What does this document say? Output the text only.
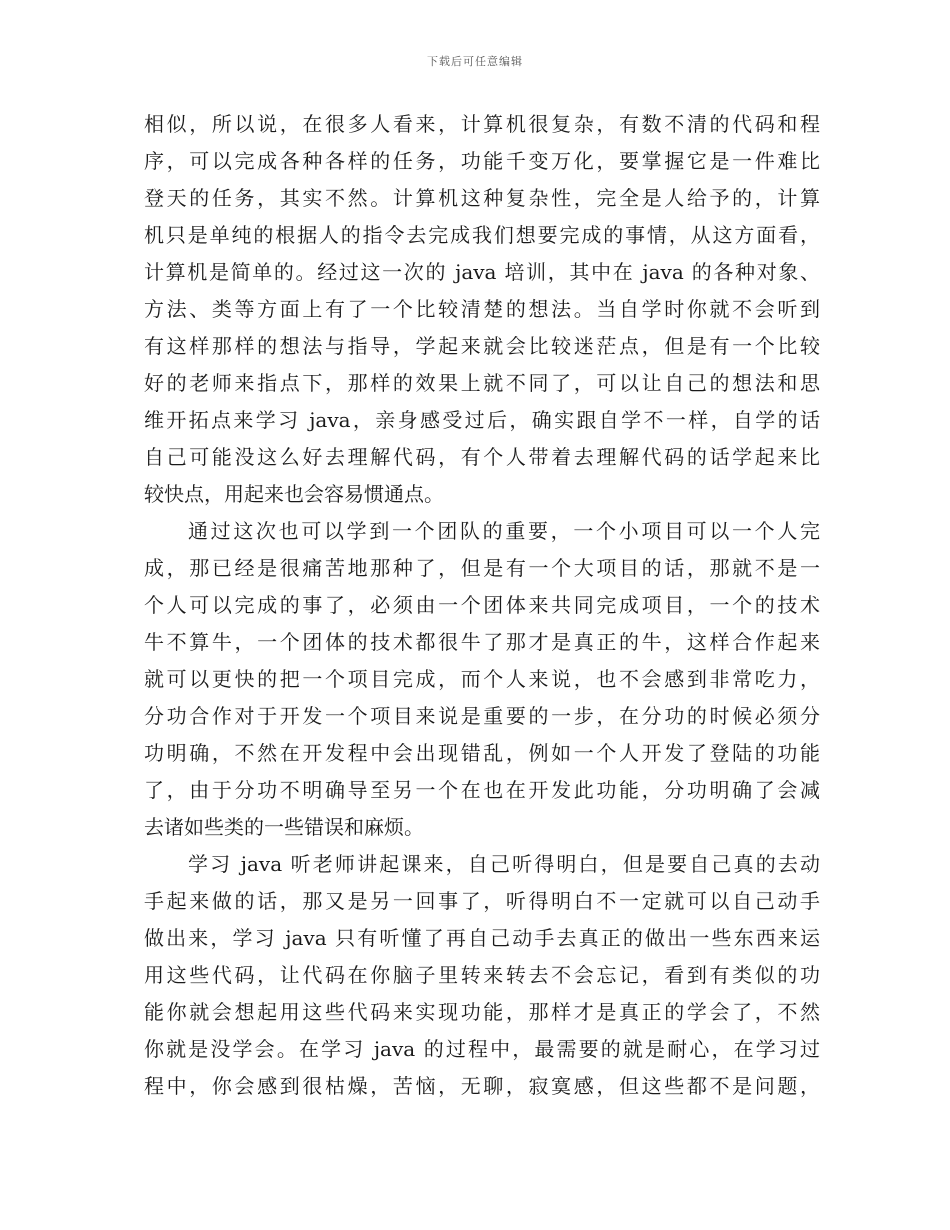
下载后可任意编辑
相似，所以说，在很多人看来，计算机很复杂，有数不清的代码和程
序，可以完成各种各样的任务，功能千变万化，要掌握它是一件难比
登天的任务，其实不然。计算机这种复杂性，完全是人给予的，计算
机只是单纯的根据人的指令去完成我们想要完成的事情，从这方面看，
计算机是简单的。经过这一次的 java 培训，其中在 java 的各种对象、
方法、类等方面上有了一个比较清楚的想法。当自学时你就不会听到
有这样那样的想法与指导，学起来就会比较迷茫点，但是有一个比较
好的老师来指点下，那样的效果上就不同了，可以让自己的想法和思
维开拓点来学习 java，亲身感受过后，确实跟自学不一样，自学的话
自己可能没这么好去理解代码，有个人带着去理解代码的话学起来比
较快点，用起来也会容易惯通点。
通过这次也可以学到一个团队的重要，一个小项目可以一个人完
成，那已经是很痛苦地那种了，但是有一个大项目的话，那就不是一
个人可以完成的事了，必须由一个团体来共同完成项目，一个的技术
牛不算牛，一个团体的技术都很牛了那才是真正的牛，这样合作起来
就可以更快的把一个项目完成，而个人来说，也不会感到非常吃力，
分功合作对于开发一个项目来说是重要的一步，在分功的时候必须分
功明确，不然在开发程中会出现错乱，例如一个人开发了登陆的功能
了，由于分功不明确导至另一个在也在开发此功能，分功明确了会减
去诸如些类的一些错误和麻烦。
学习 java 听老师讲起课来，自己听得明白，但是要自己真的去动
手起来做的话，那又是另一回事了，听得明白不一定就可以自己动手
做出来，学习 java 只有听懂了再自己动手去真正的做出一些东西来运
用这些代码，让代码在你脑子里转来转去不会忘记，看到有类似的功
能你就会想起用这些代码来实现功能，那样才是真正的学会了，不然
你就是没学会。在学习 java 的过程中，最需要的就是耐心，在学习过
程中，你会感到很枯燥，苦恼，无聊，寂寞感，但这些都不是问题，
